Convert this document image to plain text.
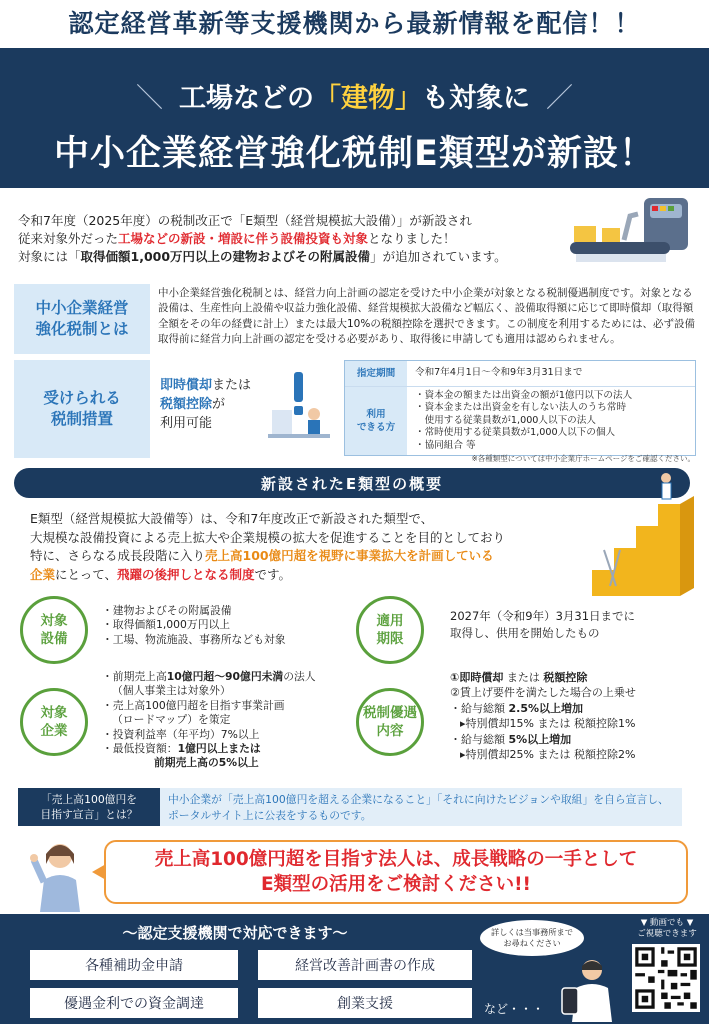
認定経営革新等支援機関から最新情報を配信！！
＼ 工場などの「建物」も対象に ／
中小企業経営強化税制E類型が新設！
令和7年度（2025年度）の税制改正で「E類型（経営規模拡大設備）」が新設され
従来対象外だった工場などの新設・増設に伴う設備投資も対象となりました！
対象には「取得価額1,000万円以上の建物およびその附属設備」が追加されています。
中小企業経営
強化税制とは
中小企業経営強化税制とは、経営力向上計画の認定を受けた中小企業が対象となる税制優遇制度です。対象となる設備は、生産性向上設備や収益力強化設備、経営規模拡大設備など幅広く、設備取得額に応じて即時償却（取得額全額をその年の経費に計上）または最大10%の税額控除を選択できます。この制度を利用するためには、必ず設備取得前に経営力向上計画の認定を受ける必要があり、取得後に申請しても適用は認められません。
受けられる
税制措置
即時償却または
税額控除が
利用可能
指定期間	令和7年4月1日～令和9年3月31日まで
利用
できる方
・資本金の額または出資金の額が1億円以下の法人
・資本金または出資金を有しない法人のうち常時
　使用する従業員数が1,000人以下の法人
・常時使用する従業員数が1,000人以下の個人
・協同組合 等
※各種類型については中小企業庁ホームページをご確認ください。
新設されたE類型の概要
E類型（経営規模拡大設備等）は、令和7年度改正で新設された類型で、
大規模な設備投資による売上拡大や企業規模の拡大を促進することを目的としており
特に、さらなる成長段階に入り売上高100億円超を視野に事業拡大を計画している
企業にとって、飛躍の後押しとなる制度です。
対象
設備
・建物およびその附属設備
・取得価額1,000万円以上
・工場、物流施設、事務所なども対象
適用
期限
2027年（令和9年）3月31日までに
取得し、供用を開始したもの
対象
企業
・前期売上高10億円超～90億円未満の法人
（個人事業主は対象外）
・売上高100億円超を目指す事業計画
（ロードマップ）を策定
・投資利益率（年平均）7%以上
・最低投資額：1億円以上または
前期売上高の5%以上
税制優遇
内容
①即時償却 または 税額控除
②賃上げ要件を満たした場合の上乗せ
・給与総額 2.5%以上増加
▸特別償却15% または 税額控除1%
・給与総額 5%以上増加
▸特別償却25% または 税額控除2%
「売上高100億円を
目指す宣言」とは？
中小企業が「売上高100億円を超える企業になること」「それに向けたビジョンや取組」を自ら宣言し、ポータルサイト上に公表をするものです。
売上高100億円超を目指す法人は、成長戦略の一手として
E類型の活用をご検討ください!!
～認定支援機関で対応できます～
各種補助金申請	経営改善計画書の作成
優遇金利での資金調達	創業支援	など・・・
詳しくは当事務所まで
お尋ねください
▼ 動画でも ▼
ご視聴できます
